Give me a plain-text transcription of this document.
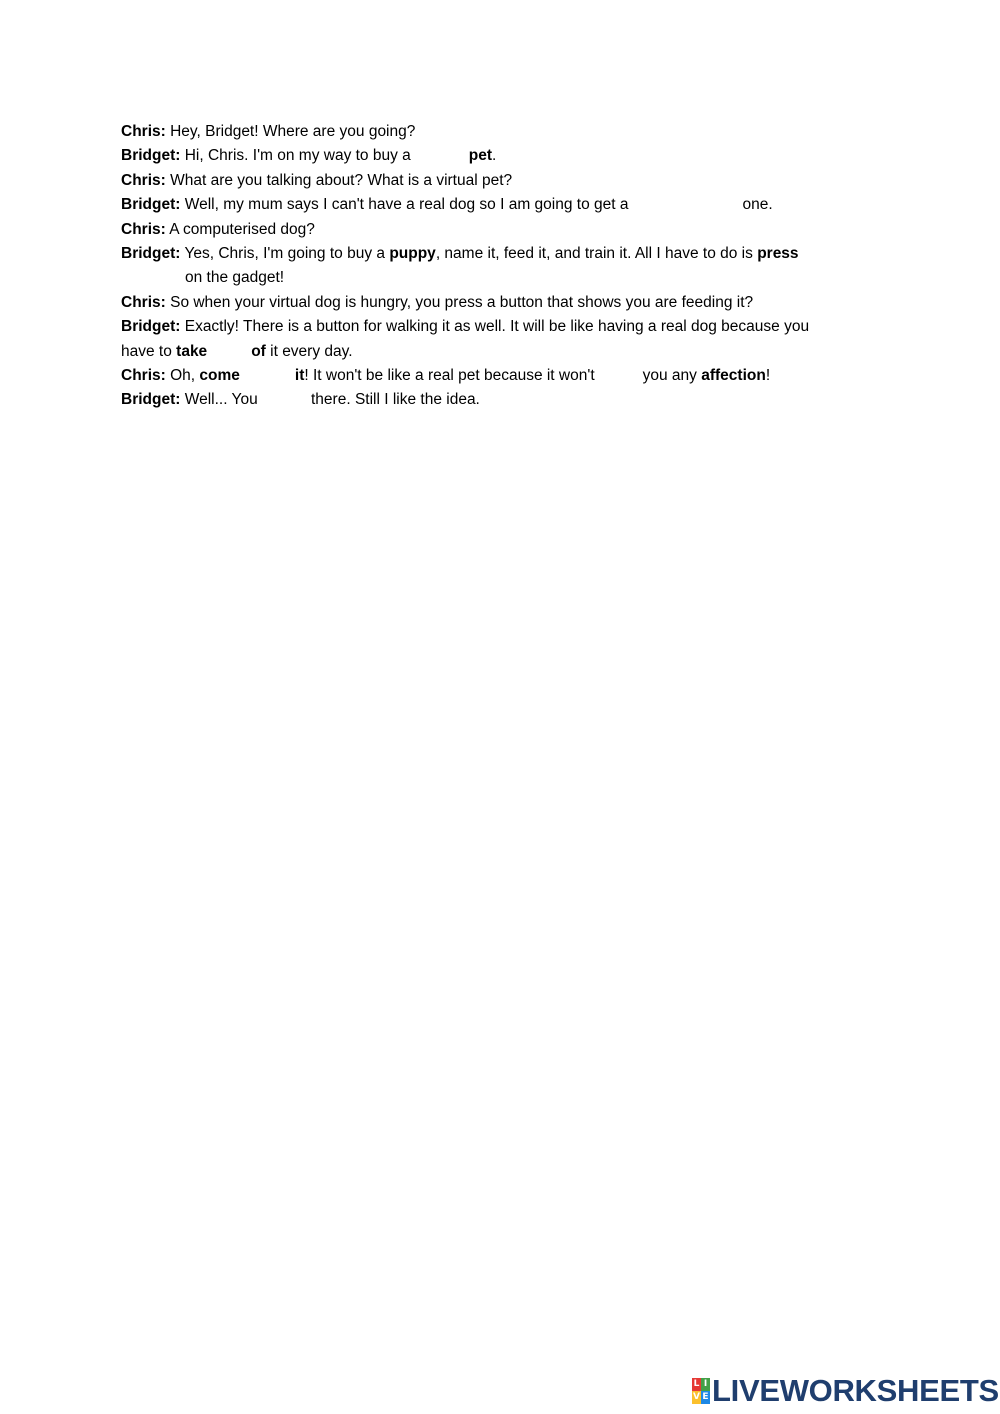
Chris: Hey, Bridget! Where are you going?
Bridget: Hi, Chris. I'm on my way to buy a	pet.
Chris: What are you talking about? What is a virtual pet?
Bridget: Well, my mum says I can't have a real dog so I am going to get a	one.
Chris: A computerised dog?
Bridget: Yes, Chris, I'm going to buy a puppy, name it, feed it, and train it. All I have to do is press
on the gadget!
Chris: So when your virtual dog is hungry, you press a button that shows you are feeding it?
Bridget: Exactly! There is a button for walking it as well. It will be like having a real dog because you
have to take	of it every day.
Chris: Oh, come	it! It won't be like a real pet because it won't	you any affection!
Bridget: Well... You	there. Still I like the idea.
L I
V E LIVEWORKSHEETS
